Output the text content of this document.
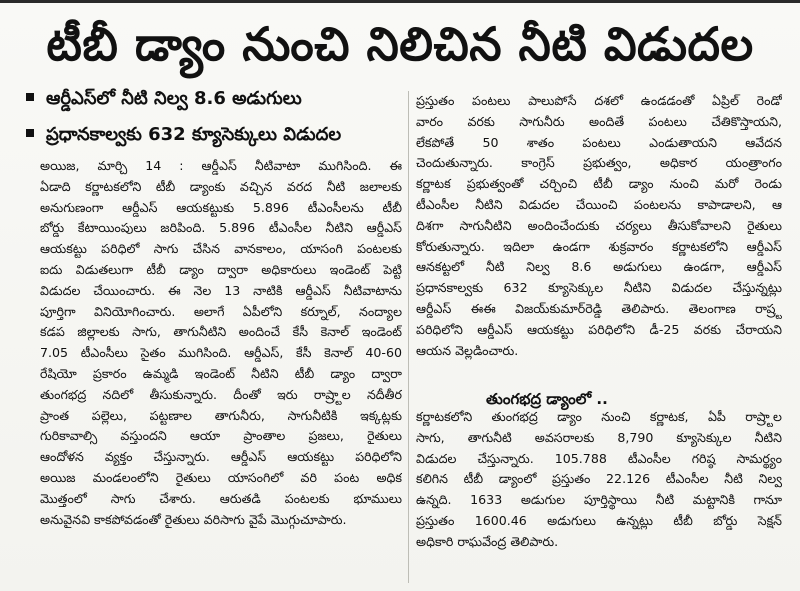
టీబీ డ్యాం నుంచి నిలిచిన నీటి విడుదల
ఆర్డీఎస్‌లో నీటి నిల్వ 8.6 అడుగులు
ప్రధానకాల్వకు 632 క్యూసెక్కులు విడుదల
అయిజ, మార్చి 14 : ఆర్డీఎస్ నీటివాటా ముగిసింది. ఈ
ఏడాది కర్ణాటకలోని టీబీ డ్యాంకు వచ్చిన వరద నీటి జలాలకు
అనుగుణంగా ఆర్డీఎస్ ఆయకట్టుకు 5.896 టీఎంసీలను టీబీ
బోర్డు కేటాయింపులు జరిపింది. 5.896 టీఎంసీల నీటిని ఆర్డీఎస్
ఆయకట్టు పరిధిలో సాగు చేసిన వానకాలం, యాసంగి పంటలకు
ఐదు విడుతలుగా టీబీ డ్యాం ద్వారా అధికారులు ఇండెంట్ పెట్టి
విడుదల చేయించారు. ఈ నెల 13 నాటికి ఆర్డీఎస్ నీటివాటాను
పూర్తిగా వినియోగించారు. అలాగే ఏపీలోని కర్నూల్, నంద్యాల
కడప జిల్లాలకు సాగు, తాగునీటిని అందించే కేసీ కెనాల్ ఇండెంట్
7.05 టీఎంసీలు సైతం ముగిసింది. ఆర్డీఎస్, కేసీ కెనాల్ 40-60
రేషియో ప్రకారం ఉమ్మడి ఇండెంట్ నీటిని టీబీ డ్యాం ద్వారా
తుంగభద్ర నదిలో తీసుకున్నారు. దీంతో ఇరు రాష్ర్టాల నదీతీర
ప్రాంత పల్లెలు, పట్టణాల తాగునీరు, సాగునీటికి ఇక్కట్లకు
గురికావాల్సి వస్తుందని ఆయా ప్రాంతాల ప్రజలు, రైతులు
ఆందోళన వ్యక్తం చేస్తున్నారు. ఆర్డీఎస్ ఆయకట్టు పరిధిలోని
అయిజ మండలంలోని రైతులు యాసంగిలో వరి పంట అధిక
మొత్తంలో సాగు చేశారు. ఆరుతడి పంటలకు భూములు
అనువైనవి కాకపోవడంతో రైతులు వరిసాగు వైపే మొగ్గుచూపారు.
ప్రస్తుతం పంటలు పాలుపోసే దశలో ఉండడంతో ఏప్రిల్ రెండో
వారం వరకు సాగునీరు అందితే పంటలు చేతికొస్తాయని,
లేకపోతే 50 శాతం పంటలు ఎండుతాయని ఆవేదన
చెందుతున్నారు. కాంగ్రెస్ ప్రభుత్వం, అధికార యంత్రాంగం
కర్ణాటక ప్రభుత్వంతో చర్చించి టీబీ డ్యాం నుంచి మరో రెండు
టీఎంసీల నీటిని విడుదల చేయించి పంటలను కాపాడాలని, ఆ
దిశగా సాగునీటిని అందించేందుకు చర్యలు తీసుకోవాలని రైతులు
కోరుతున్నారు. ఇదిలా ఉండగా శుక్రవారం కర్ణాటకలోని ఆర్డీఎస్
ఆనకట్టలో నీటి నిల్వ 8.6 అడుగులు ఉండగా, ఆర్డీఎస్
ప్రధానకాల్వకు 632 క్యూసెక్కుల నీటిని విడుదల చేస్తున్నట్లు
ఆర్డీఎస్ ఈఈ విజయ్‌కుమార్‌రెడ్డి తెలిపారు. తెలంగాణ రాష్ర్ట
పరిధిలోని ఆర్డీఎస్ ఆయకట్టు పరిధిలోని డీ-25 వరకు చేరాయని
ఆయన వెల్లడించారు.
తుంగభద్ర డ్యాంలో ..
కర్ణాటకలోని తుంగభద్ర డ్యాం నుంచి కర్ణాటక, ఏపీ రాష్ర్టాల
సాగు, తాగునీటి అవసరాలకు 8,790 క్యూసెక్కుల నీటిని
విడుదల చేస్తున్నారు. 105.788 టీఎంసీల గరిష్ఠ సామర్థ్యం
కలిగిన టీబీ డ్యాంలో ప్రస్తుతం 22.126 టీఎంసీల నీటి నిల్వ
ఉన్నది. 1633 అడుగుల పూర్తిస్థాయి నీటి మట్టానికి గానూ
ప్రస్తుతం 1600.46 అడుగులు ఉన్నట్లు టీబీ బోర్డు సెక్షన్
అధికారి రాఘవేంద్ర తెలిపారు.
